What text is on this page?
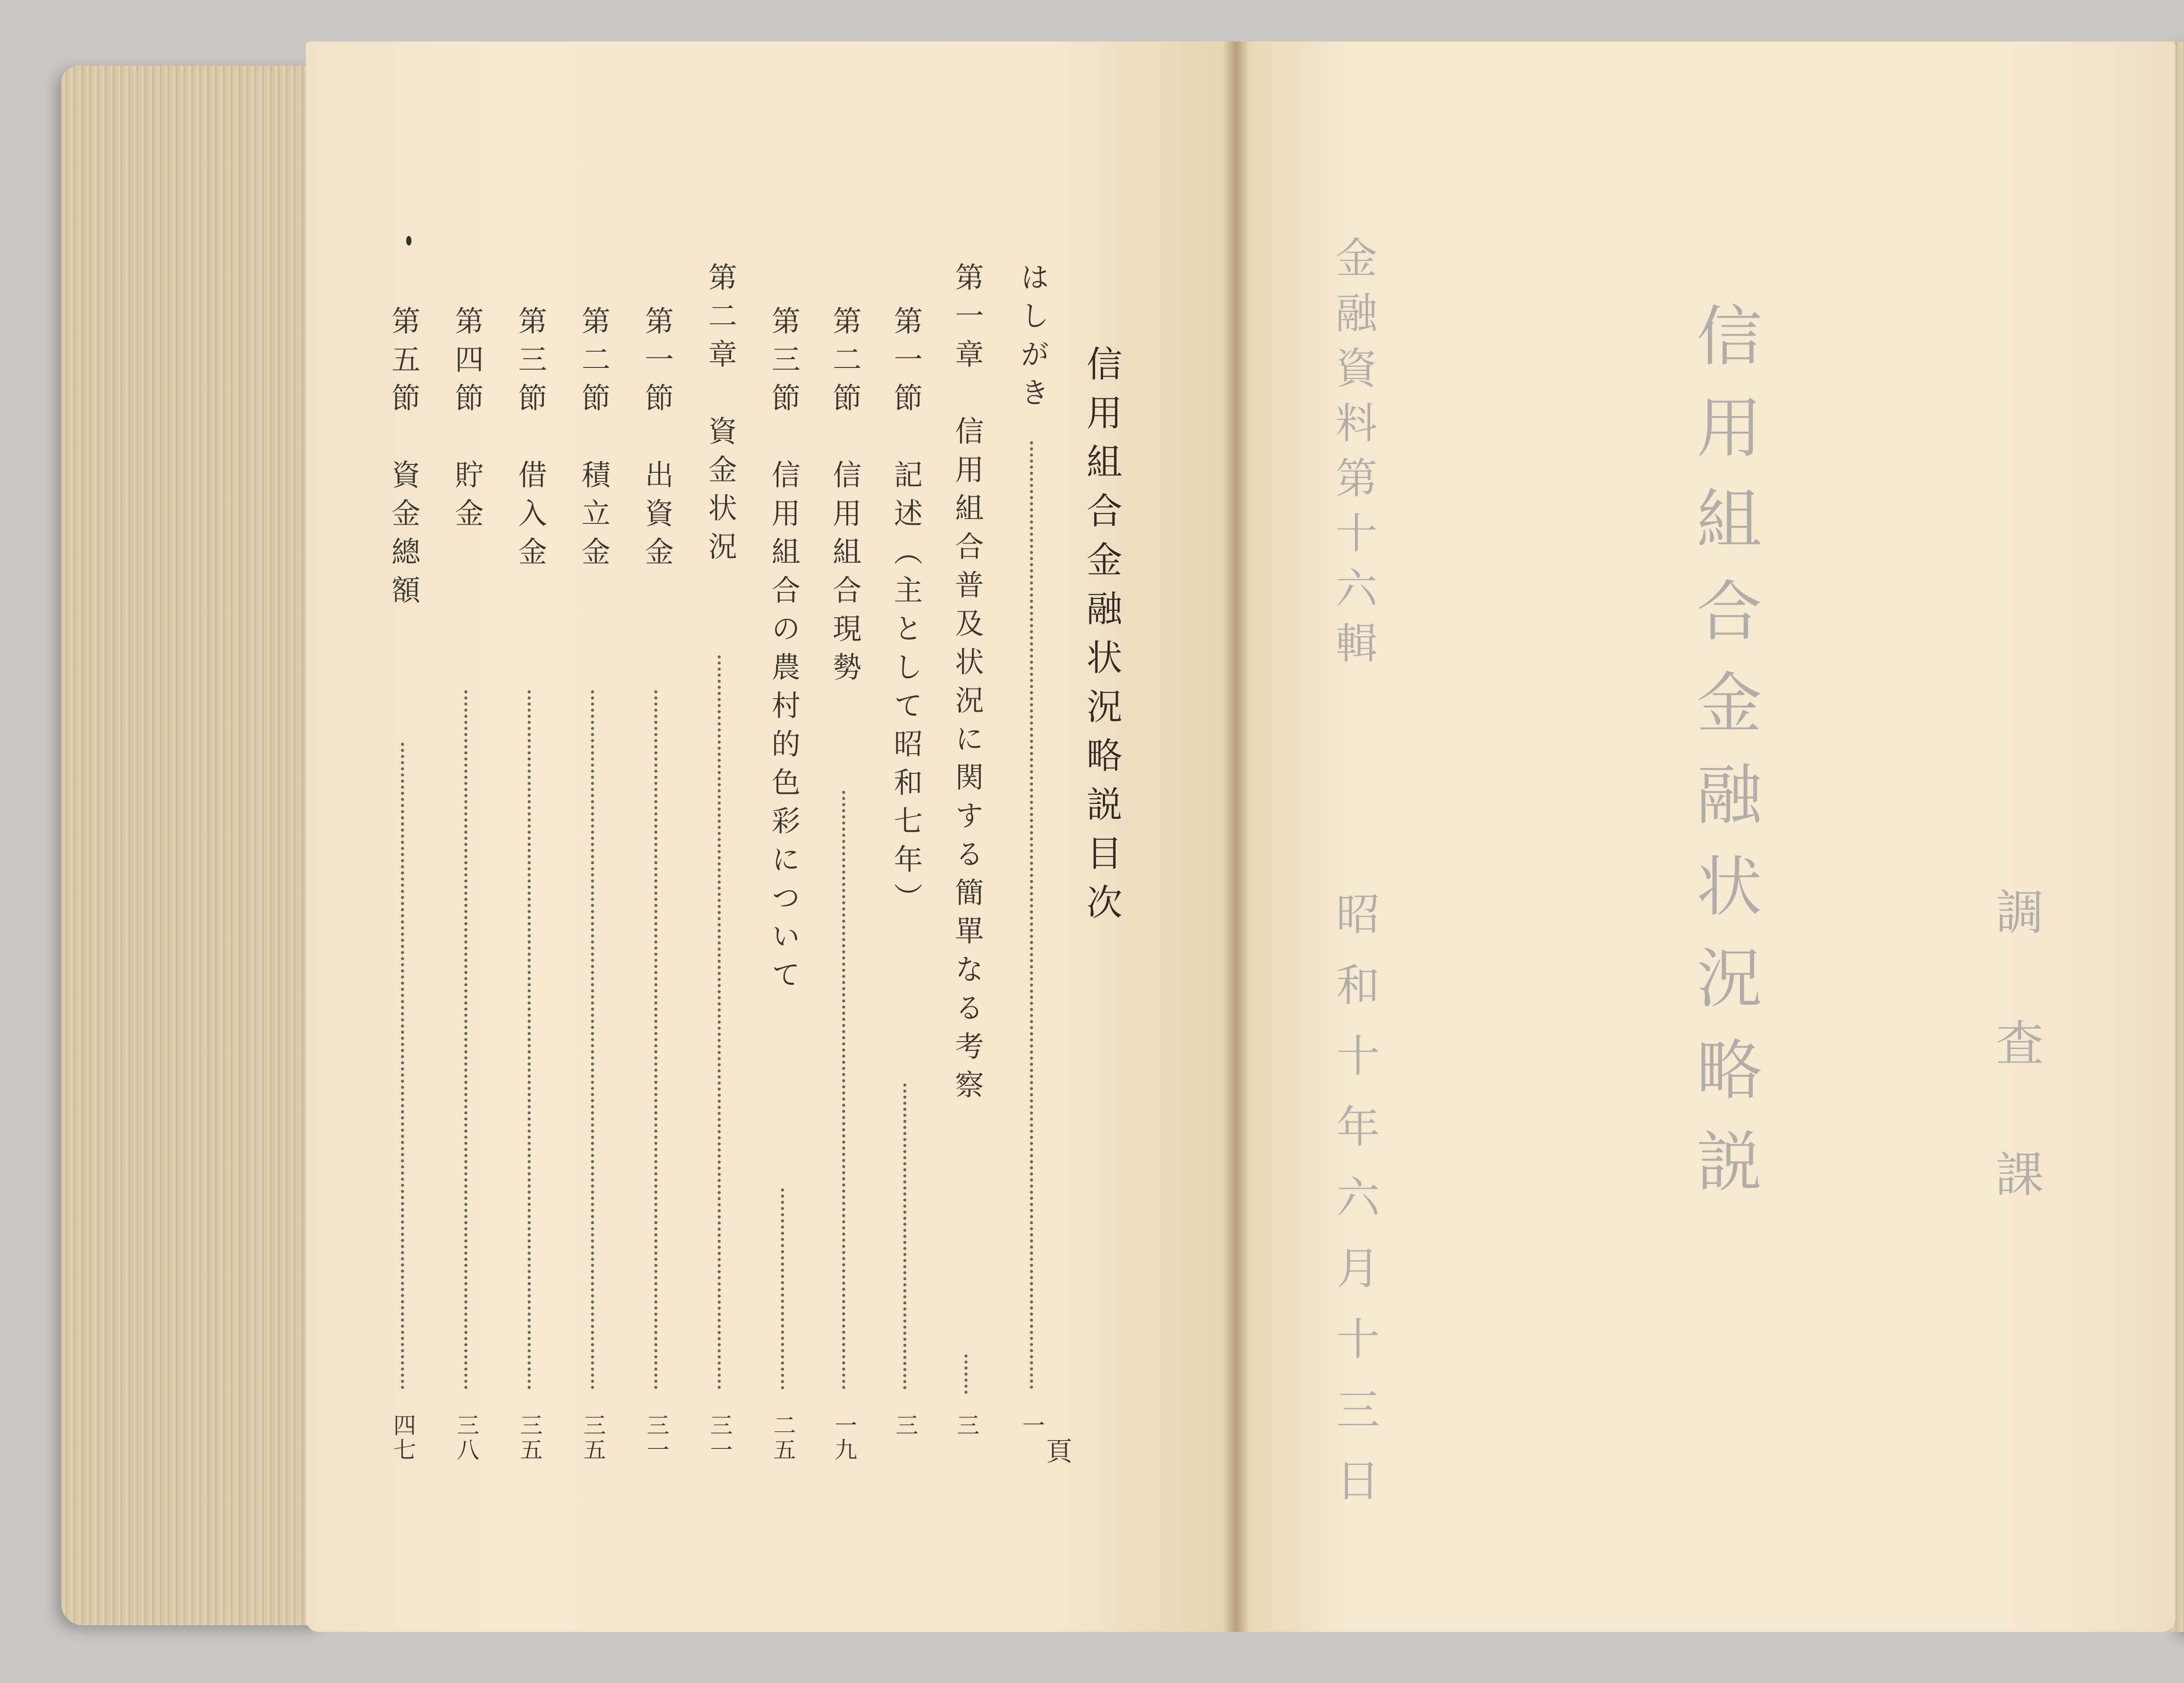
信用組合金融状況略説目次
頁
はしがき
一
第一章　信用組合普及状況に関する簡單なる考察
三
第一節　記述（主として昭和七年）
三
第二節　信用組合現勢
一九
第三節　信用組合の農村的色彩について
二五
第二章　資金状況
三一
第一節　出資金
三一
第二節　積立金
三五
第三節　借入金
三五
第四節　貯金
三八
第五節　資金總額
四七
金融資料第十六輯	信用組合金融状況略説
昭和十年六月十三日	調査課
